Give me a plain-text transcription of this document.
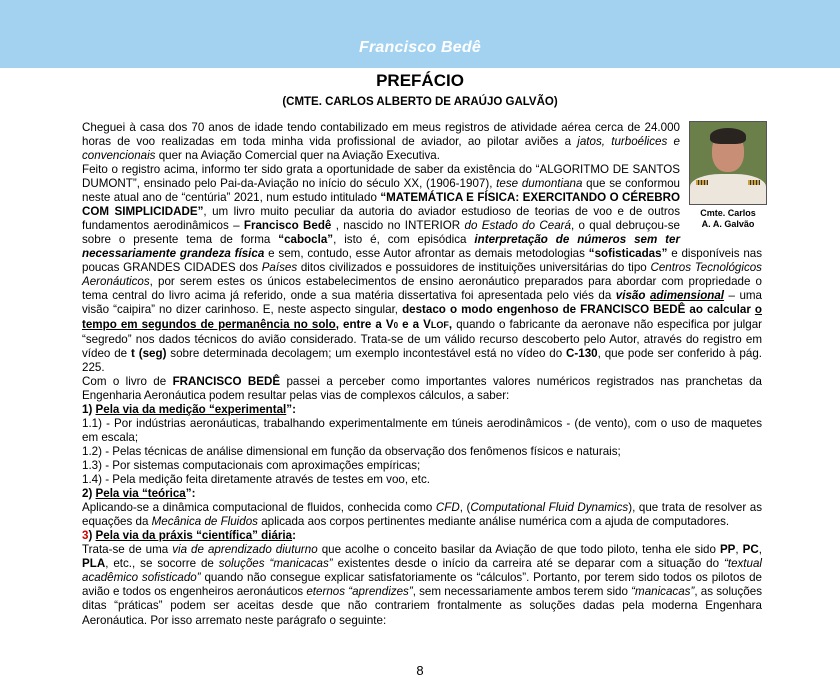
Francisco Bedê
PREFÁCIO
(CMTE. CARLOS ALBERTO DE ARAÚJO GALVÃO)
Cmte. Carlos
A. A. Galvão

Cheguei à casa dos 70 anos de idade tendo contabilizado em meus registros de atividade aérea cerca de 24.000 horas de voo realizadas em toda minha vida profissional de aviador, ao pilotar aviões a jatos, turboélices e convencionais quer na Aviação Comercial quer na Aviação Executiva.

Feito o registro acima, informo ter sido grata a oportunidade de saber da existência do “ALGORITMO DE SANTOS DUMONT”, ensinado pelo Pai-da-Aviação no início do século XX, (1906-1907), tese dumontiana que se conformou neste atual ano de “centúria” 2021, num estudo intitulado “MATEMÁTICA E FÍSICA: EXERCITANDO O CÉREBRO COM SIMPLICIDADE”, um livro muito peculiar da autoria do aviador estudioso de teorias de voo e de outros fundamentos aerodinâmicos – Francisco Bedê , nascido no INTERIOR do Estado do Ceará, o qual debruçou-se sobre o presente tema de forma “cabocla”, isto é, com episódica interpretação de números sem ter necessariamente grandeza física e sem, contudo, esse Autor afrontar as demais metodologias “sofisticadas” e disponíveis nas poucas GRANDES CIDADES dos Países ditos civilizados e possuidores de instituições universitárias do tipo Centros Tecnológicos Aeronáuticos, por serem estes os únicos estabelecimentos de ensino aeronáutico preparados para abordar com propriedade o tema central do livro acima já referido, onde a sua matéria dissertativa foi apresentada pelo viés da visão adimensional – uma visão “caipira” no dizer carinhoso. E, neste aspecto singular, destaco o modo engenhoso de FRANCISCO BEDÊ ao calcular o tempo em segundos de permanência no solo, entre a V0 e a VLOF, quando o fabricante da aeronave não especifica por julgar “segredo” nos dados técnicos do avião considerado. Trata-se de um válido recurso descoberto pelo Autor, através do registro em vídeo de t (seg) sobre determinada decolagem; um exemplo incontestável está no vídeo do C-130, que pode ser conferido à pág. 225.

Com o livro de FRANCISCO BEDÊ passei a perceber como importantes valores numéricos registrados nas pranchetas da Engenharia Aeronáutica podem resultar pelas vias de complexos cálculos, a saber:

1) Pela via da medição “experimental”:

1.1) - Por indústrias aeronáuticas, trabalhando experimentalmente em túneis aerodinâmicos - (de vento), com o uso de maquetes em escala;

1.2) - Pelas técnicas de análise dimensional em função da observação dos fenômenos físicos e naturais;

1.3) - Por sistemas computacionais com aproximações empíricas;

1.4) - Pela medição feita diretamente através de testes em voo, etc.

2) Pela via “teórica”:

Aplicando-se a dinâmica computacional de fluidos, conhecida como CFD, (Computational Fluid Dynamics), que trata de resolver as equações da Mecânica de Fluidos aplicada aos corpos pertinentes mediante análise numérica com a ajuda de computadores.

3) Pela via da práxis “científica” diária:

Trata-se de uma via de aprendizado diuturno que acolhe o conceito basilar da Aviação de que todo piloto, tenha ele sido PP, PC, PLA, etc., se socorre de soluções “manicacas” existentes desde o início da carreira até se deparar com a situação do “textual acadêmico sofisticado” quando não consegue explicar satisfatoriamente os “cálculos”. Portanto, por terem sido todos os pilotos de avião e todos os engenheiros aeronáuticos eternos “aprendizes”, sem necessariamente ambos terem sido “manicacas”, as soluções ditas “práticas” podem ser aceitas desde que não contrariem frontalmente as soluções dadas pela moderna Engenhara Aeronáutica. Por isso arremato neste parágrafo o seguinte:

8
